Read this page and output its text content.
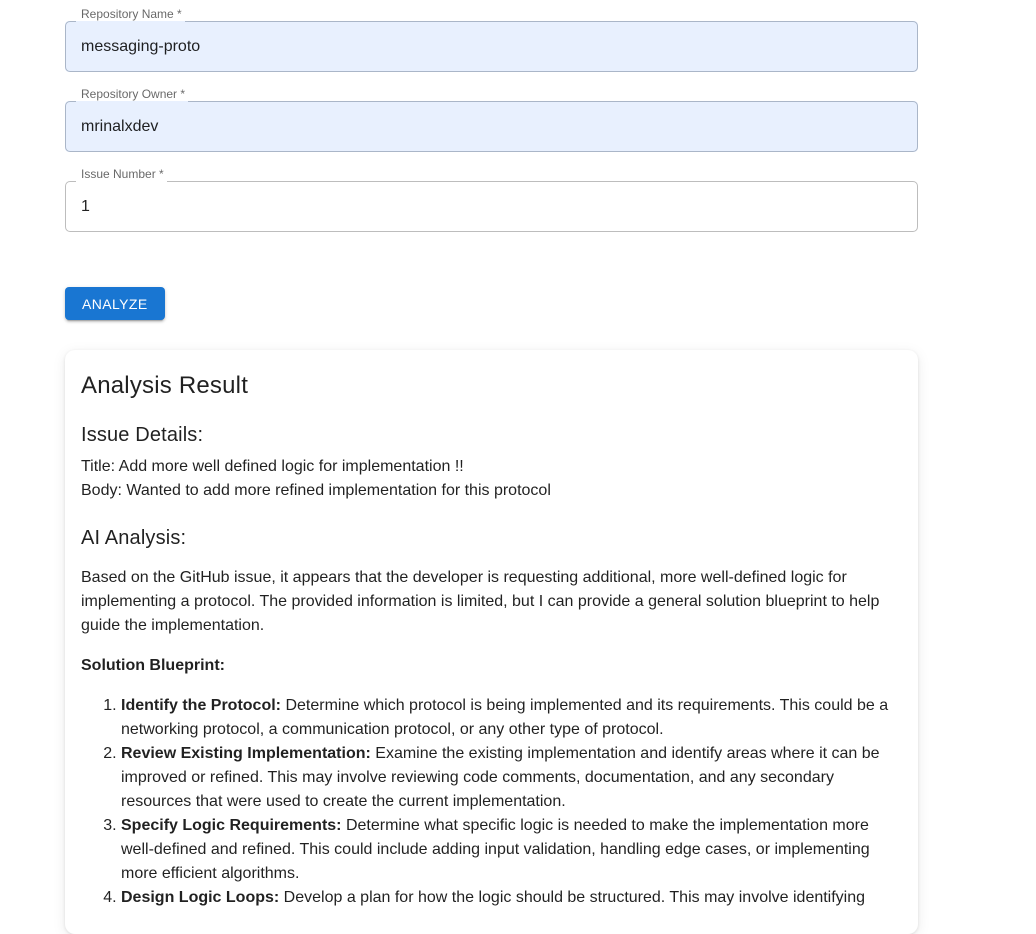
messaging-proto
Repository Name *
mrinalxdev
Repository Owner *
1
Issue Number *
ANALYZE
Analysis Result
Issue Details:

Title: Add more well defined logic for implementation !!

Body: Wanted to add more refined implementation for this protocol

AI Analysis:

Based on the GitHub issue, it appears that the developer is requesting additional, more well-defined logic for implementing a protocol. The provided information is limited, but I can provide a general solution blueprint to help guide the implementation.

Solution Blueprint:

1. Identify the Protocol: Determine which protocol is being implemented and its requirements. This could be a networking protocol, a communication protocol, or any other type of protocol.
2. Review Existing Implementation: Examine the existing implementation and identify areas where it can be improved or refined. This may involve reviewing code comments, documentation, and any secondary resources that were used to create the current implementation.
3. Specify Logic Requirements: Determine what specific logic is needed to make the implementation more well-defined and refined. This could include adding input validation, handling edge cases, or implementing more efficient algorithms.
4. Design Logic Loops: Develop a plan for how the logic should be structured. This may involve identifying
